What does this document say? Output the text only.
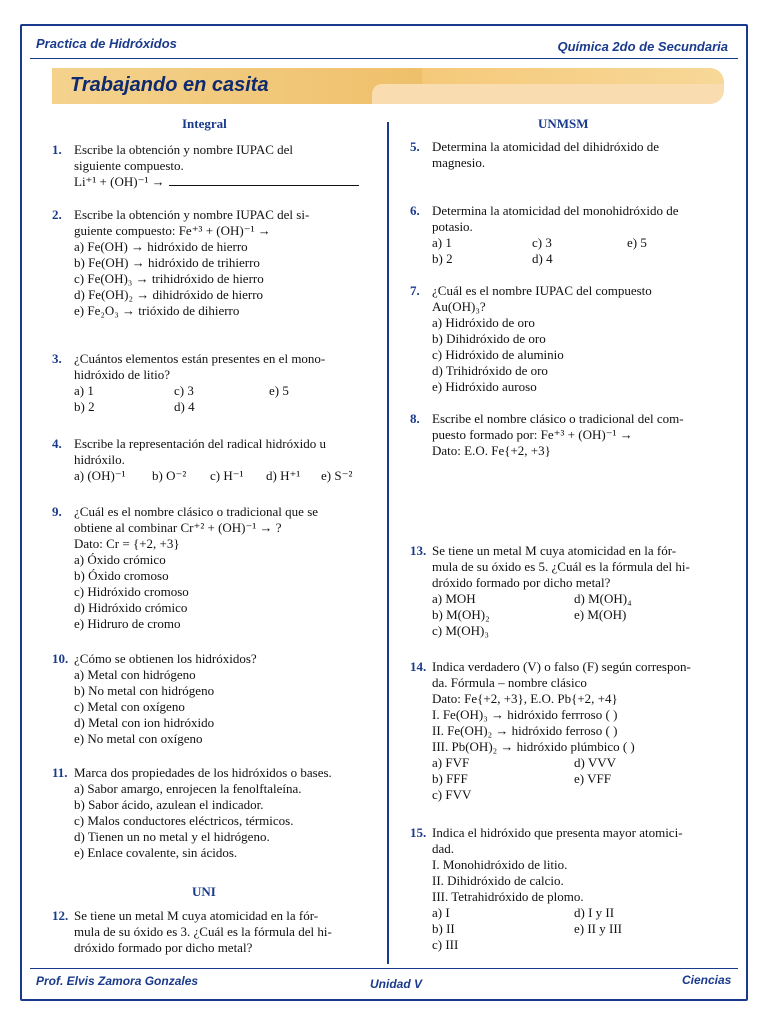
Practica de Hidróxidos	Química 2do de Secundaria
Trabajando en casita
Integral	UNMSM
UNI
1. Escribe la obtención y nombre IUPAC del
siguiente compuesto.
Li⁺¹ + (OH)⁻¹ →
2. Escribe la obtención y nombre IUPAC del si-
guiente compuesto: Fe⁺³ + (OH)⁻¹ →
a) Fe(OH) → hidróxido de hierro
b) Fe(OH) → hidróxido de trihierro
c) Fe(OH)₃ → trihidróxido de hierro
d) Fe(OH)₂ → dihidróxido de hierro
e) Fe₂O₃ → trióxido de dihierro
3. ¿Cuántos elementos están presentes en el mono-
hidróxido de litio?
a) 1	c) 3	e) 5
b) 2	d) 4
4. Escribe la representación del radical hidróxido u
hidróxilo.
a) (OH)⁻¹ b) O⁻² c) H⁻¹ d) H⁺¹ e) S⁻²
9. ¿Cuál es el nombre clásico o tradicional que se
obtiene al combinar Cr⁺² + (OH)⁻¹ → ?
Dato: Cr = {+2, +3}
a) Óxido crómico
b) Óxido cromoso
c) Hidróxido cromoso
d) Hidróxido crómico
e) Hidruro de cromo
10. ¿Cómo se obtienen los hidróxidos?
a) Metal con hidrógeno
b) No metal con hidrógeno
c) Metal con oxígeno
d) Metal con ion hidróxido
e) No metal con oxígeno
11. Marca dos propiedades de los hidróxidos o bases.
a) Sabor amargo, enrojecen la fenolftaleína.
b) Sabor ácido, azulean el indicador.
c) Malos conductores eléctricos, térmicos.
d) Tienen un no metal y el hidrógeno.
e) Enlace covalente, sin ácidos.
12. Se tiene un metal M cuya atomicidad en la fór-
mula de su óxido es 3. ¿Cuál es la fórmula del hi-
dróxido formado por dicho metal?
5. Determina la atomicidad del dihidróxido de
magnesio.
6. Determina la atomicidad del monohidróxido de
potasio.
a) 1	c) 3	e) 5
b) 2	d) 4
7. ¿Cuál es el nombre IUPAC del compuesto
Au(OH)₃?
a) Hidróxido de oro
b) Dihidróxido de oro
c) Hidróxido de aluminio
d) Trihidróxido de oro
e) Hidróxido auroso
8. Escribe el nombre clásico o tradicional del com-
puesto formado por: Fe⁺³ + (OH)⁻¹ →
Dato: E.O. Fe{+2, +3}
13. Se tiene un metal M cuya atomicidad en la fór-
mula de su óxido es 5. ¿Cuál es la fórmula del hi-
dróxido formado por dicho metal?
a) MOH	d) M(OH)₄
b) M(OH)₂	e) M(OH)
c) M(OH)₃
14. Indica verdadero (V) o falso (F) según correspon-
da. Fórmula – nombre clásico
Dato: Fe{+2, +3}, E.O. Pb{+2, +4}
I. Fe(OH)₃ → hidróxido ferrroso ( )
II. Fe(OH)₂ → hidróxido ferroso ( )
III. Pb(OH)₂ → hidróxido plúmbico ( )
a) FVF	d) VVV
b) FFF	e) VFF
c) FVV
15. Indica el hidróxido que presenta mayor atomici-
dad.
I. Monohidróxido de litio.
II. Dihidróxido de calcio.
III. Tetrahidróxido de plomo.
a) I	d) I y II
b) II	e) II y III
c) III
Prof. Elvis Zamora Gonzales	Unidad V	Ciencias
